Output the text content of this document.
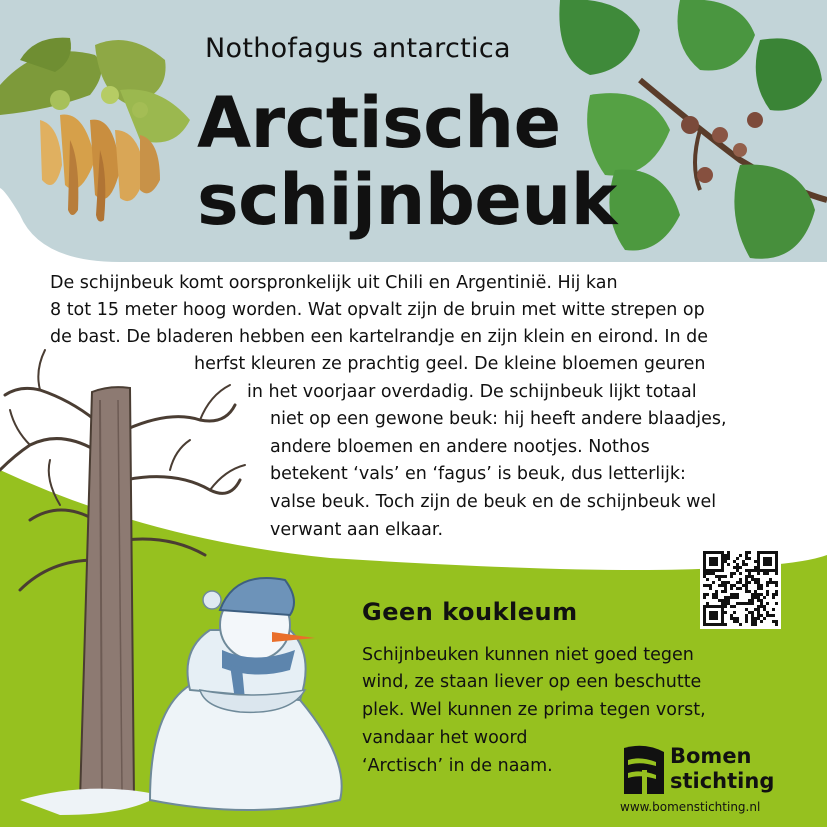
Nothofagus antarctica
Arctische
schijnbeuk
De schijnbeuk komt oorspronkelijk uit Chili en Argentinië. Hij kan
8 tot 15 meter hoog worden. Wat opvalt zijn de bruin met witte strepen op
de bast. De bladeren hebben een kartelrandje en zijn klein en eirond. In de
herfst kleuren ze prachtig geel. De kleine bloemen geuren
in het voorjaar overdadig. De schijnbeuk lijkt totaal
niet op een gewone beuk: hij heeft andere blaadjes,
andere bloemen en andere nootjes. Nothos
betekent ‘vals’ en ‘fagus’ is beuk, dus letterlijk:
valse beuk. Toch zijn de beuk en de schijnbeuk wel
verwant aan elkaar.
Geen koukleum
Schijnbeuken kunnen niet goed tegen
wind, ze staan liever op een beschutte
plek. Wel kunnen ze prima tegen vorst,
vandaar het woord
‘Arctisch’ in de naam.	Bomen
stichting
www.bomenstichting.nl
